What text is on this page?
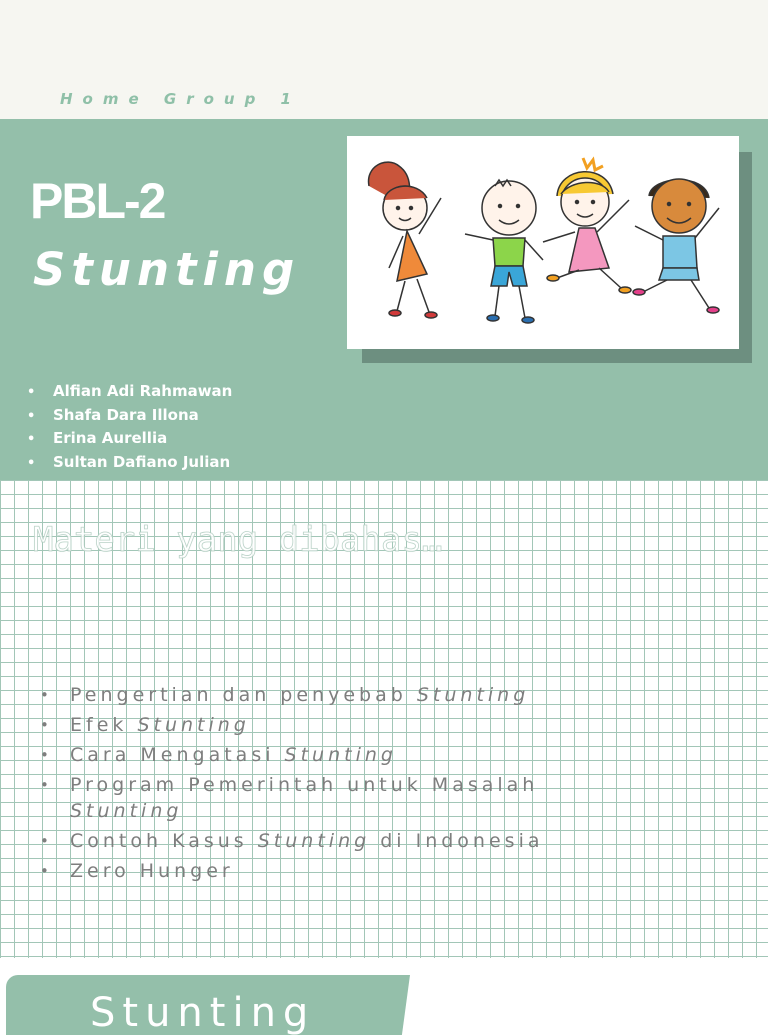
Home Group 1
PBL-2
Stunting
• Alfian Adi Rahmawan
• Shafa Dara Illona
• Erina Aurellia
• Sultan Dafiano Julian
Materi yang dibahas…
•	Pengertian dan penyebab Stunting
•	Efek Stunting
•	Cara Mengatasi Stunting
•	Program Pemerintah untuk Masalah Stunting
•	Contoh Kasus Stunting di Indonesia
•	Zero Hunger
Stunting
